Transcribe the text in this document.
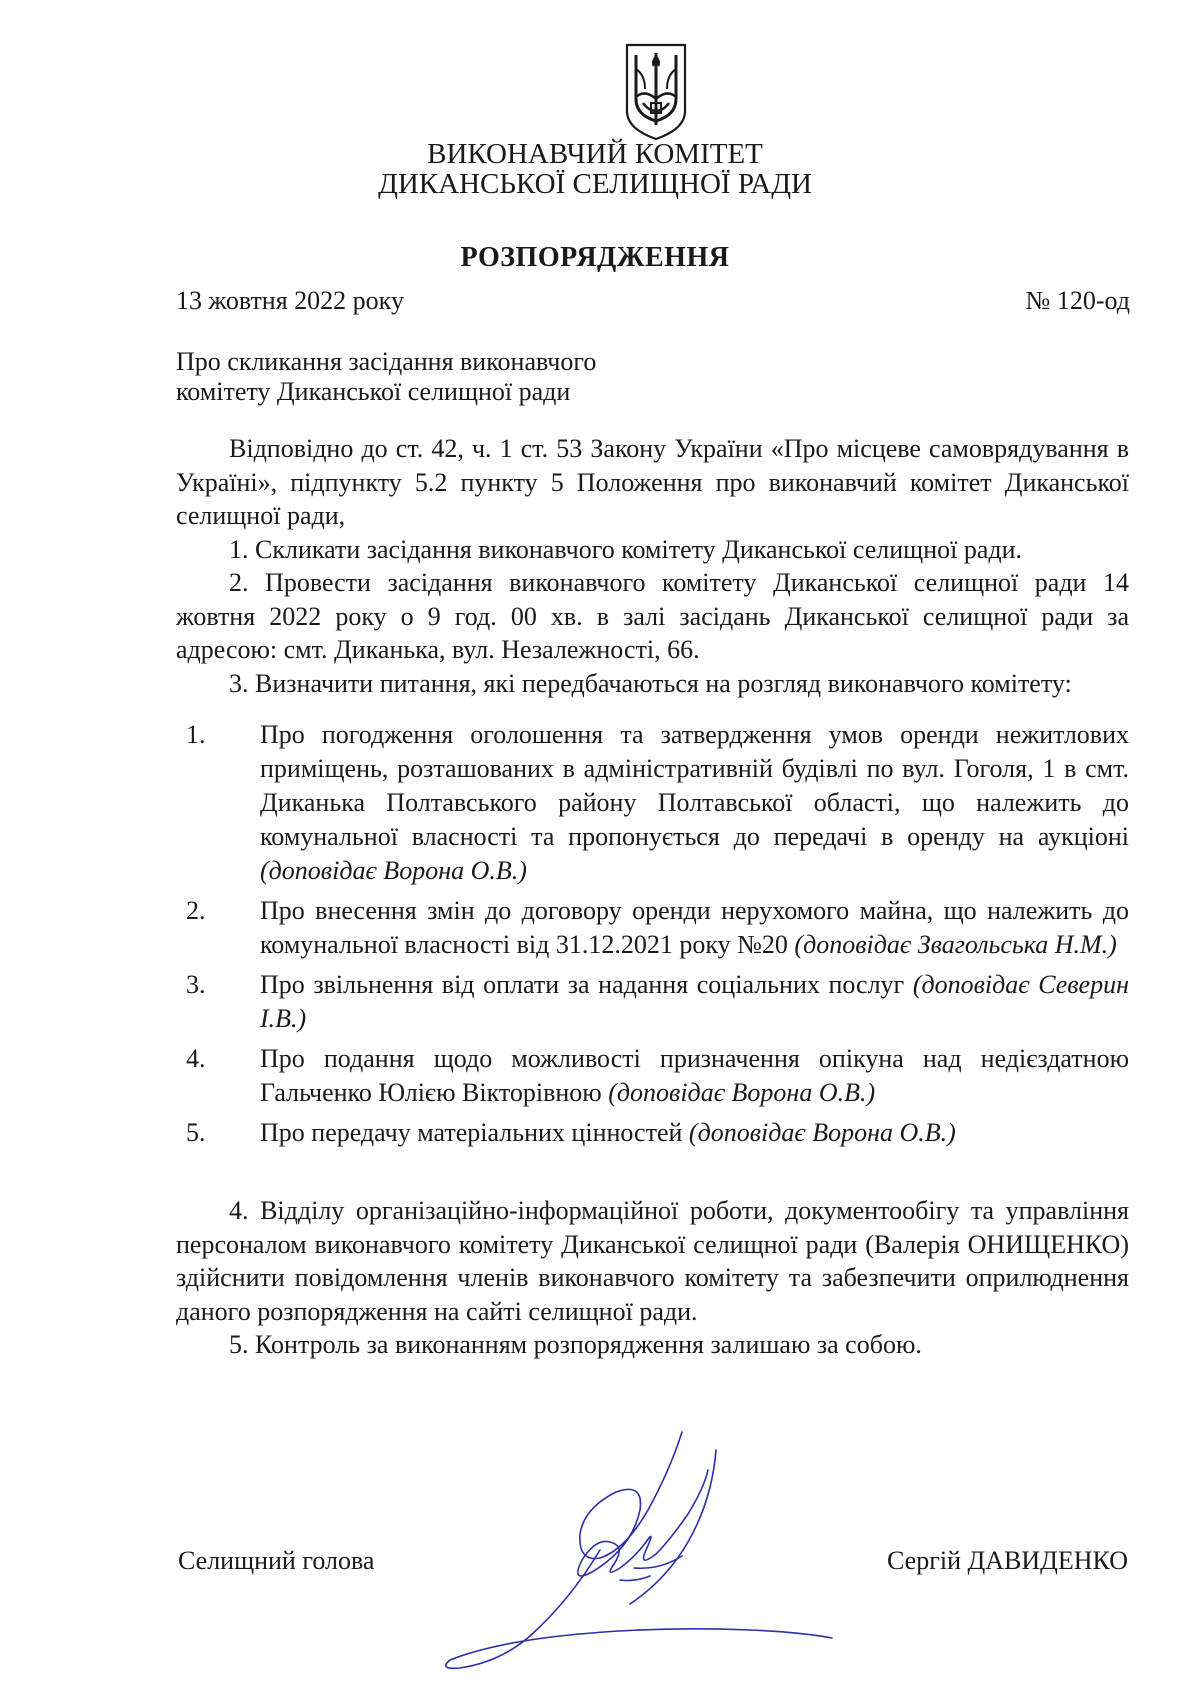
ВИКОНАВЧИЙ КОМІТЕТ
ДИКАНСЬКОЇ СЕЛИЩНОЇ РАДИ
РОЗПОРЯДЖЕННЯ
13 жовтня 2022 року	№ 120-од
Про скликання засідання виконавчого
комітету Диканської селищної ради

Відповідно до ст. 42, ч. 1 ст. 53 Закону України «Про місцеве самоврядування в Україні», підпункту 5.2 пункту 5 Положення про виконавчий комітет Диканської селищної ради,

1. Скликати засідання виконавчого комітету Диканської селищної ради.

2. Провести засідання виконавчого комітету Диканської селищної ради 14 жовтня 2022 року о 9 год. 00 хв. в залі засідань Диканської селищної ради за адресою: смт. Диканька, вул. Незалежності, 66.

3. Визначити питання, які передбачаються на розгляд виконавчого комітету:

1. Про погодження оголошення та затвердження умов оренди нежитлових приміщень, розташованих в адміністративній будівлі по вул. Гоголя, 1 в смт. Диканька Полтавського району Полтавської області, що належить до комунальної власності та пропонується до передачі в оренду на аукціоні (доповідає Ворона О.В.)
2. Про внесення змін до договору оренди нерухомого майна, що належить до комунальної власності від 31.12.2021 року №20 (доповідає Звагольська Н.М.)
3. Про звільнення від оплати за надання соціальних послуг (доповідає Северин І.В.)
4. Про подання щодо можливості призначення опікуна над недієздатною Гальченко Юлією Вікторівною (доповідає Ворона О.В.)
5. Про передачу матеріальних цінностей (доповідає Ворона О.В.)

4. Відділу організаційно-інформаційної роботи, документообігу та управління персоналом виконавчого комітету Диканської селищної ради (Валерія ОНИЩЕНКО) здійснити повідомлення членів виконавчого комітету та забезпечити оприлюднення даного розпорядження на сайті селищної ради.

5. Контроль за виконанням розпорядження залишаю за собою.

Селищний голова	Сергій ДАВИДЕНКО
